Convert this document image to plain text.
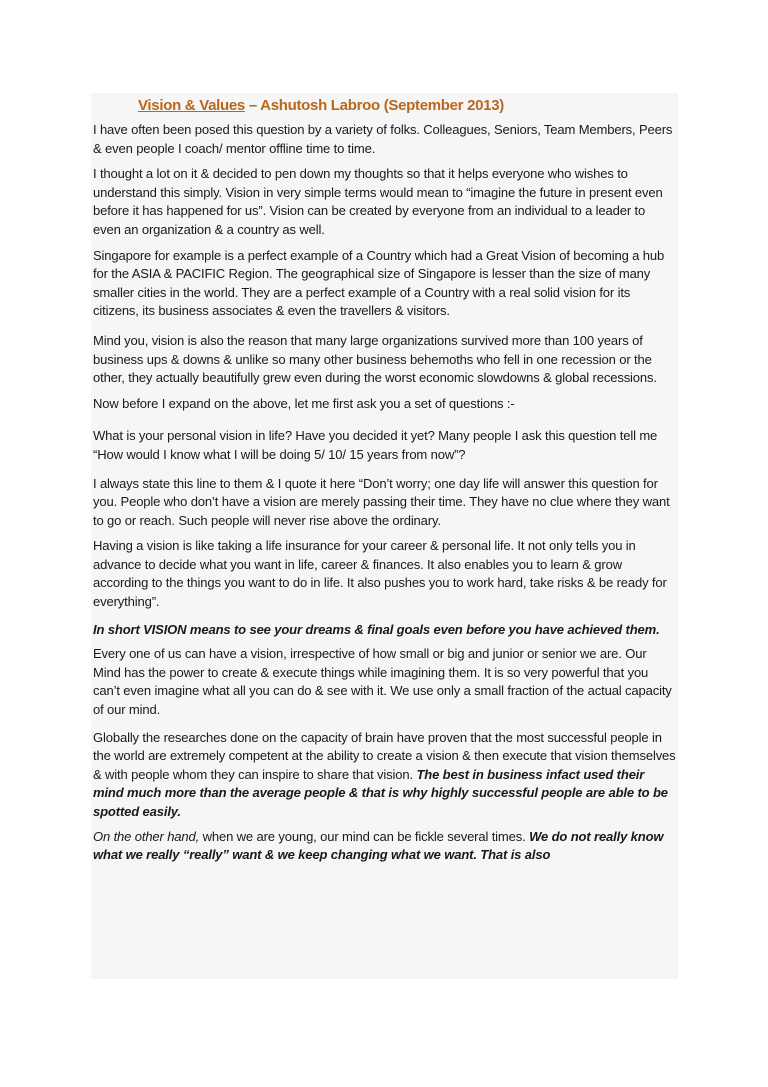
Vision & Values – Ashutosh Labroo (September 2013)

I have often been posed this question by a variety of folks. Colleagues, Seniors, Team Members, Peers & even people I coach/ mentor offline time to time.

I thought a lot on it & decided to pen down my thoughts so that it helps everyone who wishes to understand this simply. Vision in very simple terms would mean to “imagine the future in present even before it has happened for us”. Vision can be created by everyone from an individual to a leader to even an organization & a country as well.

Singapore for example is a perfect example of a Country which had a Great Vision of becoming a hub for the ASIA & PACIFIC Region. The geographical size of Singapore is lesser than the size of many smaller cities in the world. They are a perfect example of a Country with a real solid vision for its citizens, its business associates & even the travellers & visitors.

Mind you, vision is also the reason that many large organizations survived more than 100 years of business ups & downs & unlike so many other business behemoths who fell in one recession or the other, they actually beautifully grew even during the worst economic slowdowns & global recessions.

Now before I expand on the above, let me first ask you a set of questions :-

What is your personal vision in life? Have you decided it yet? Many people I ask this question tell me “How would I know what I will be doing 5/ 10/ 15 years from now”?

I always state this line to them & I quote it here “Don’t worry; one day life will answer this question for you. People who don’t have a vision are merely passing their time. They have no clue where they want to go or reach. Such people will never rise above the ordinary.

Having a vision is like taking a life insurance for your career & personal life. It not only tells you in advance to decide what you want in life, career & finances. It also enables you to learn & grow according to the things you want to do in life. It also pushes you to work hard, take risks & be ready for everything”.

In short VISION means to see your dreams & final goals even before you have achieved them.

Every one of us can have a vision, irrespective of how small or big and junior or senior we are. Our Mind has the power to create & execute things while imagining them. It is so very powerful that you can’t even imagine what all you can do & see with it. We use only a small fraction of the actual capacity of our mind.

Globally the researches done on the capacity of brain have proven that the most successful people in the world are extremely competent at the ability to create a vision & then execute that vision themselves & with people whom they can inspire to share that vision. The best in business infact used their mind much more than the average people & that is why highly successful people are able to be spotted easily.

On the other hand, when we are young, our mind can be fickle several times. We do not really know what we really “really” want & we keep changing what we want. That is also
